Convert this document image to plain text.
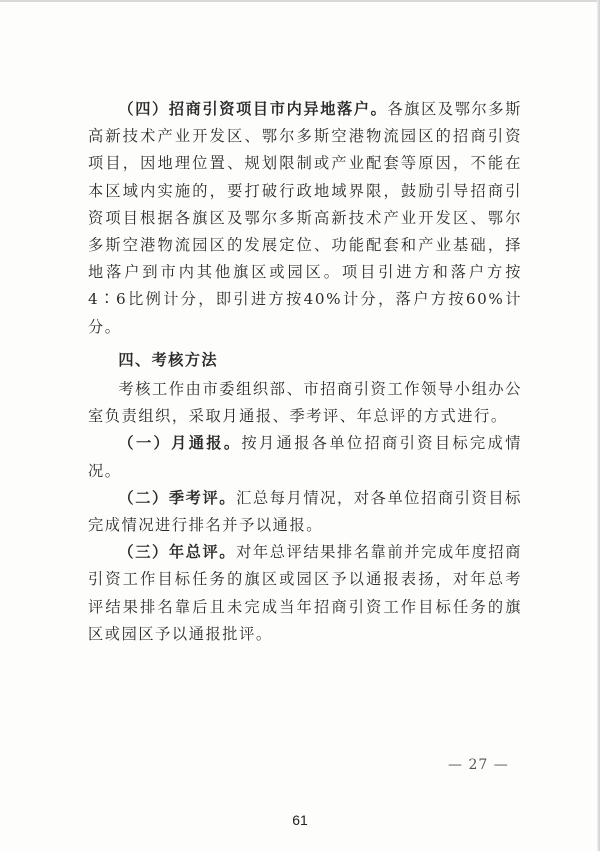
（四）招商引资项目市内异地落户。各旗区及鄂尔多斯高新技术产业开发区、鄂尔多斯空港物流园区的招商引资项目，因地理位置、规划限制或产业配套等原因，不能在本区域内实施的，要打破行政地域界限，鼓励引导招商引资项目根据各旗区及鄂尔多斯高新技术产业开发区、鄂尔多斯空港物流园区的发展定位、功能配套和产业基础，择地落户到市内其他旗区或园区。项目引进方和落户方按4∶6比例计分，即引进方按40%计分，落户方按60%计分。

四、考核方法

考核工作由市委组织部、市招商引资工作领导小组办公室负责组织，采取月通报、季考评、年总评的方式进行。

（一）月通报。按月通报各单位招商引资目标完成情况。

（二）季考评。汇总每月情况，对各单位招商引资目标完成情况进行排名并予以通报。

（三）年总评。对年总评结果排名靠前并完成年度招商引资工作目标任务的旗区或园区予以通报表扬，对年总考评结果排名靠后且未完成当年招商引资工作目标任务的旗区或园区予以通报批评。

— 27 —
61
